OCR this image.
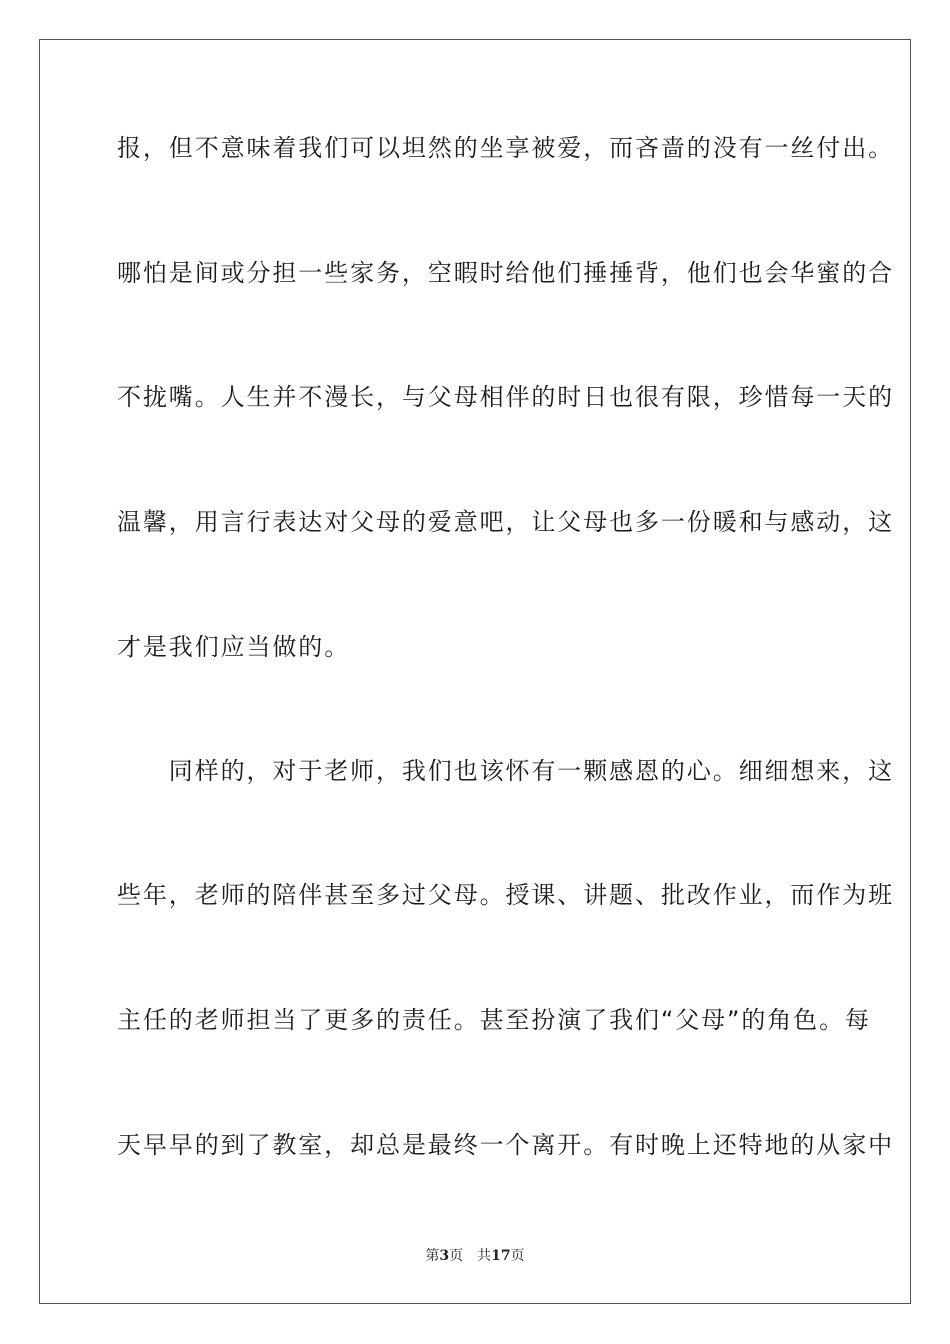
报，但不意味着我们可以坦然的坐享被爱，而吝啬的没有一丝付出。
哪怕是间或分担一些家务，空暇时给他们捶捶背，他们也会华蜜的合
不拢嘴。人生并不漫长，与父母相伴的时日也很有限，珍惜每一天的
温馨，用言行表达对父母的爱意吧，让父母也多一份暖和与感动，这
才是我们应当做的。
　　同样的，对于老师，我们也该怀有一颗感恩的心。细细想来，这
些年，老师的陪伴甚至多过父母。授课、讲题、批改作业，而作为班
主任的老师担当了更多的责任。甚至扮演了我们“父母”的角色。每
天早早的到了教室，却总是最终一个离开。有时晚上还特地的从家中
第3页 共17页
